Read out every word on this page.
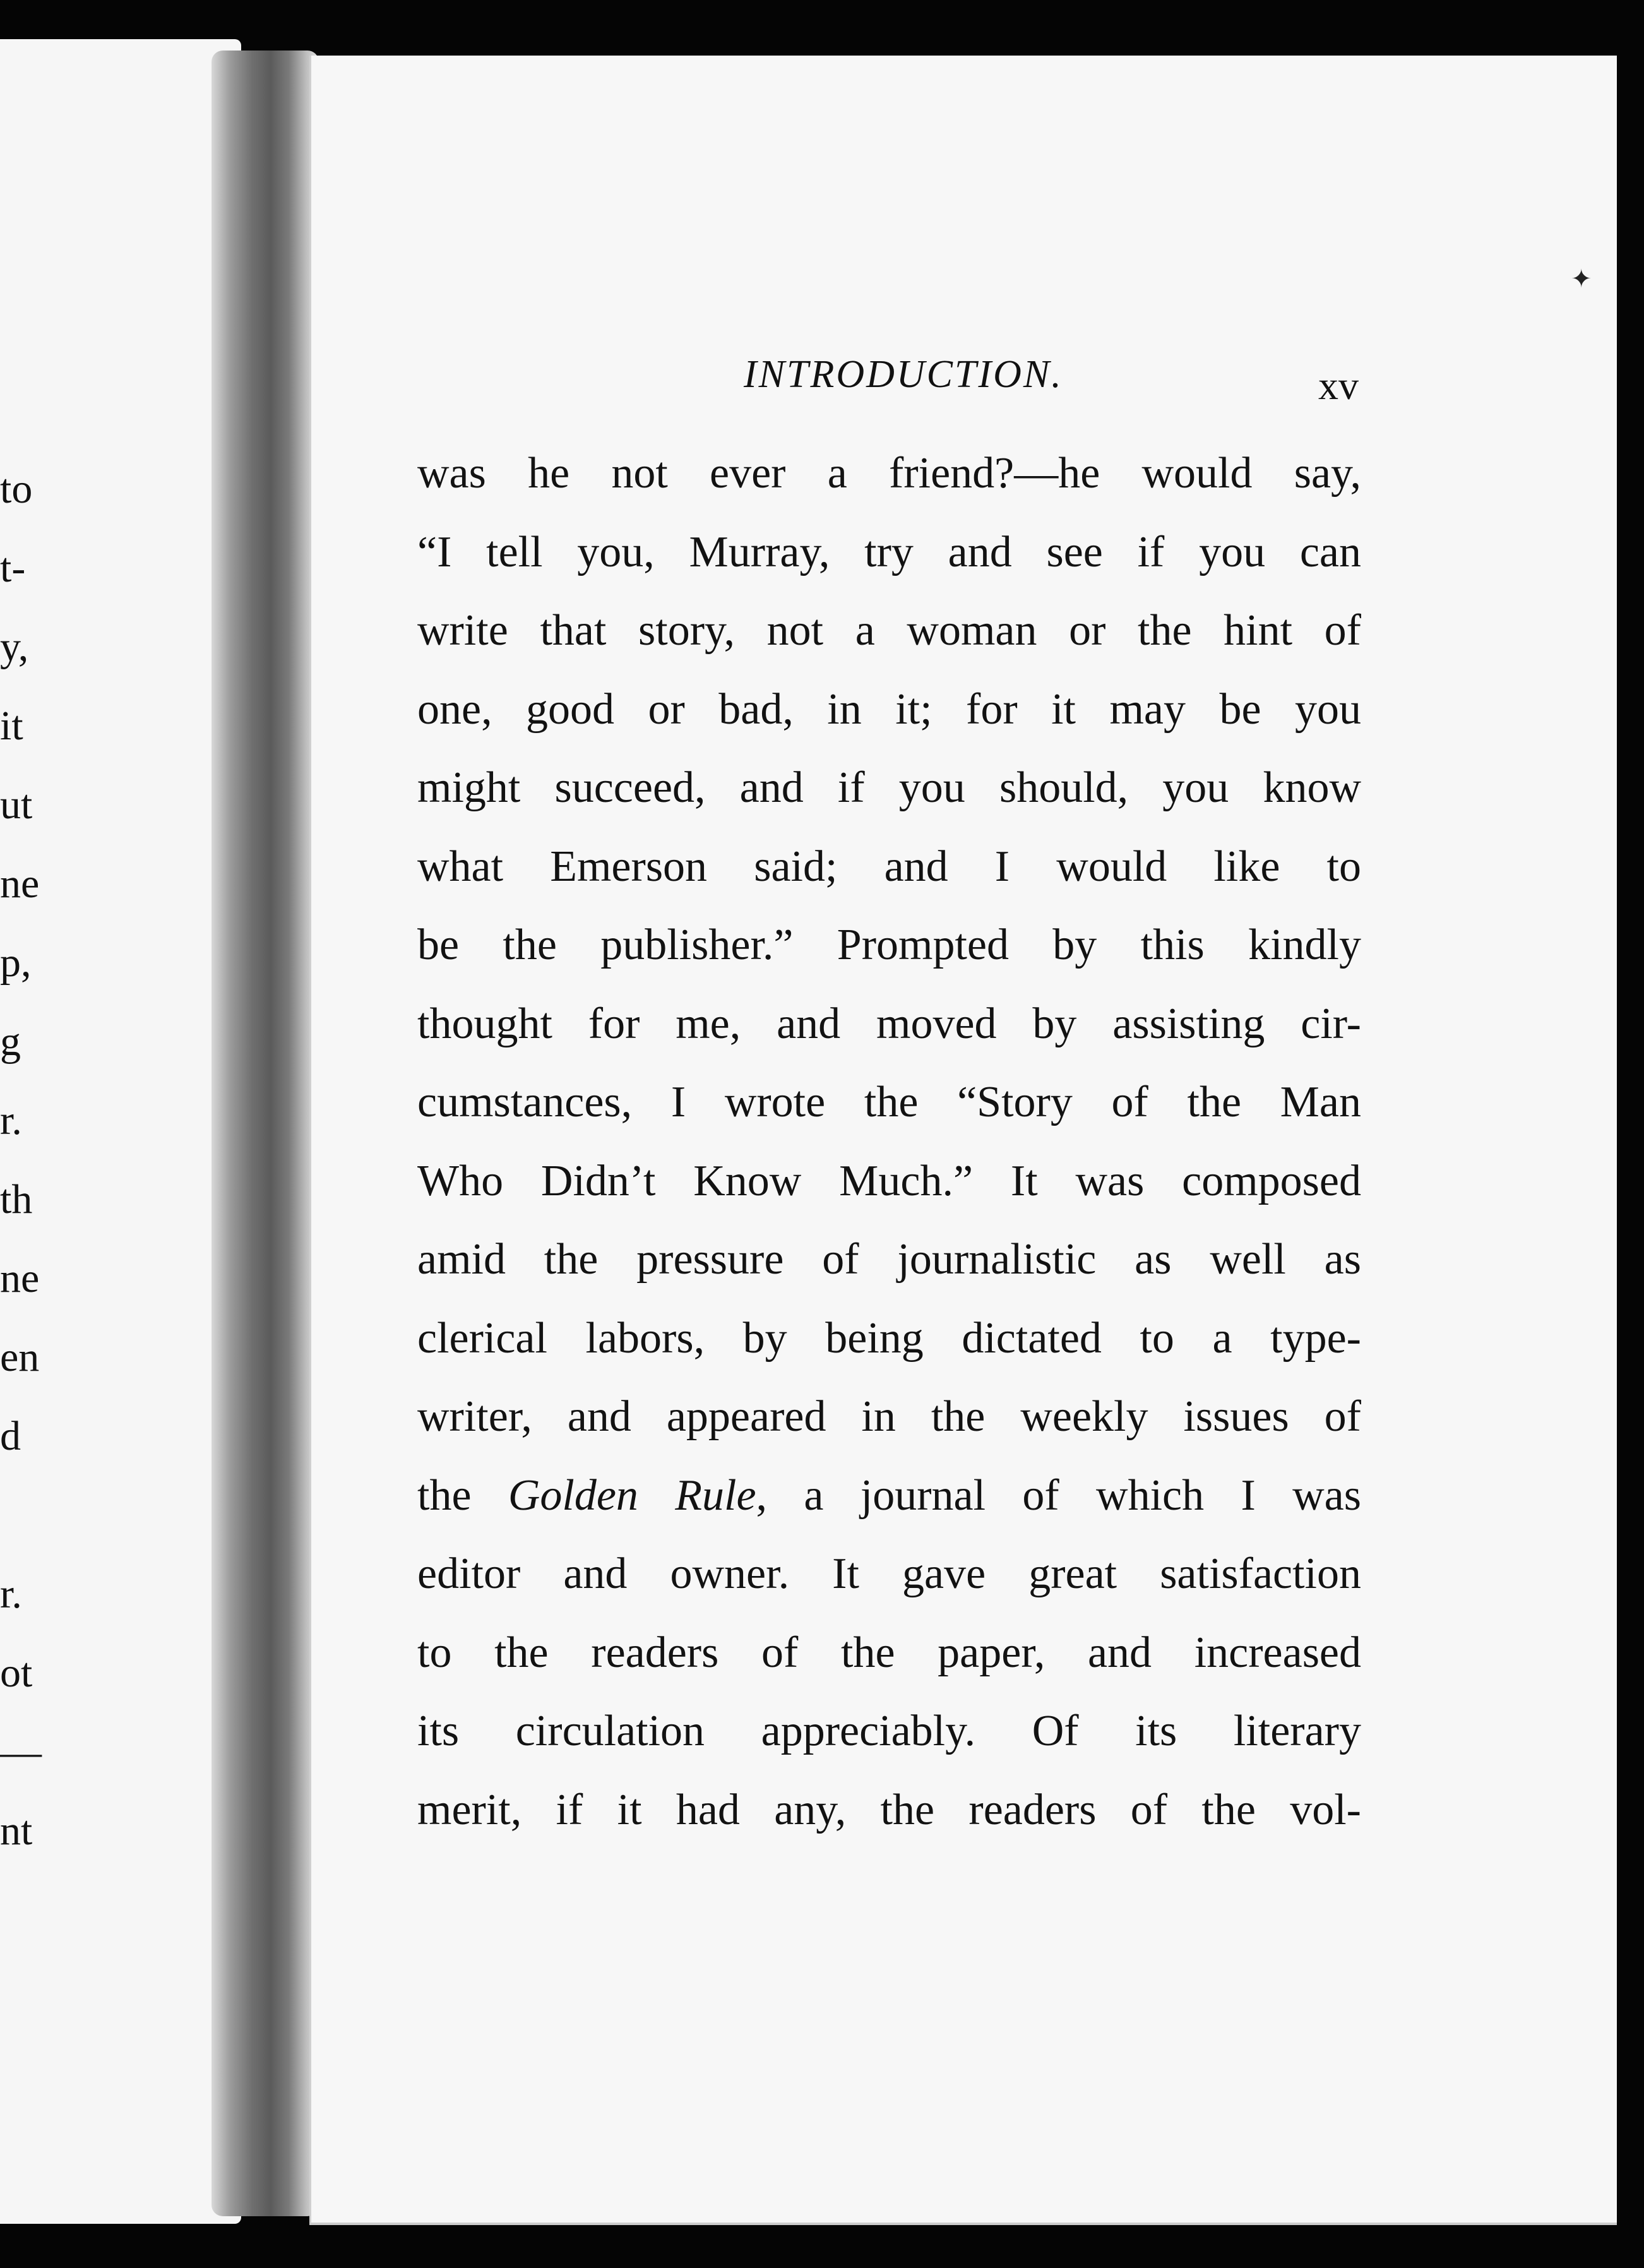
to
t-
y,
it
ut
ne
p,
g
r.
th
ne
en
d
r.
ot
—
nt
✦
INTRODUCTION.	xv
was he not ever a friend?—he would say,
“I tell you, Murray, try and see if you can
write that story, not a woman or the hint of
one, good or bad, in it; for it may be you
might succeed, and if you should, you know
what Emerson said; and I would like to
be the publisher.” Prompted by this kindly
thought for me, and moved by assisting cir-
cumstances, I wrote the “Story of the Man
Who Didn’t Know Much.” It was composed
amid the pressure of journalistic as well as
clerical labors, by being dictated to a type-
writer, and appeared in the weekly issues of
the Golden Rule, a journal of which I was
editor and owner. It gave great satisfaction
to the readers of the paper, and increased
its circulation appreciably. Of its literary
merit, if it had any, the readers of the vol-
